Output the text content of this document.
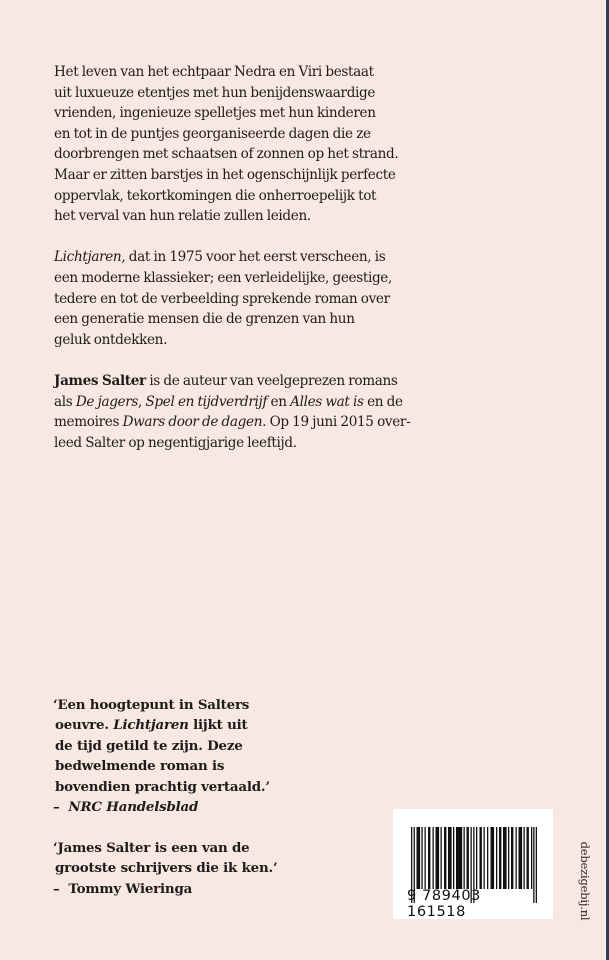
Het leven van het echtpaar Nedra en Viri bestaat
uit luxueuze etentjes met hun benijdenswaardige
vrienden, ingenieuze spelletjes met hun kinderen
en tot in de puntjes georganiseerde dagen die ze
doorbrengen met schaatsen of zonnen op het strand.
Maar er zitten barstjes in het ogenschijnlijk perfecte
oppervlak, tekortkomingen die onherroepelijk tot
het verval van hun relatie zullen leiden.

Lichtjaren, dat in 1975 voor het eerst verscheen, is
een moderne klassieker; een verleidelijke, geestige,
tedere en tot de verbeelding sprekende roman over
een generatie mensen die de grenzen van hun
geluk ontdekken.

James Salter is de auteur van veelgeprezen romans
als De jagers, Spel en tijdverdrijf en Alles wat is en de
memoires Dwars door de dagen. Op 19 juni 2015 over-
leed Salter op negentigjarige leeftijd.

‘Een hoogtepunt in Salters
oeuvre. Lichtjaren lijkt uit
de tijd getild te zijn. Deze
bedwelmende roman is
bovendien prachtig vertaald.’
–  NRC Handelsblad
‘James Salter is een van de
grootste schrijvers die ik ken.’
–  Tommy Wieringa	9 789403 161518	debezigebij.nl
